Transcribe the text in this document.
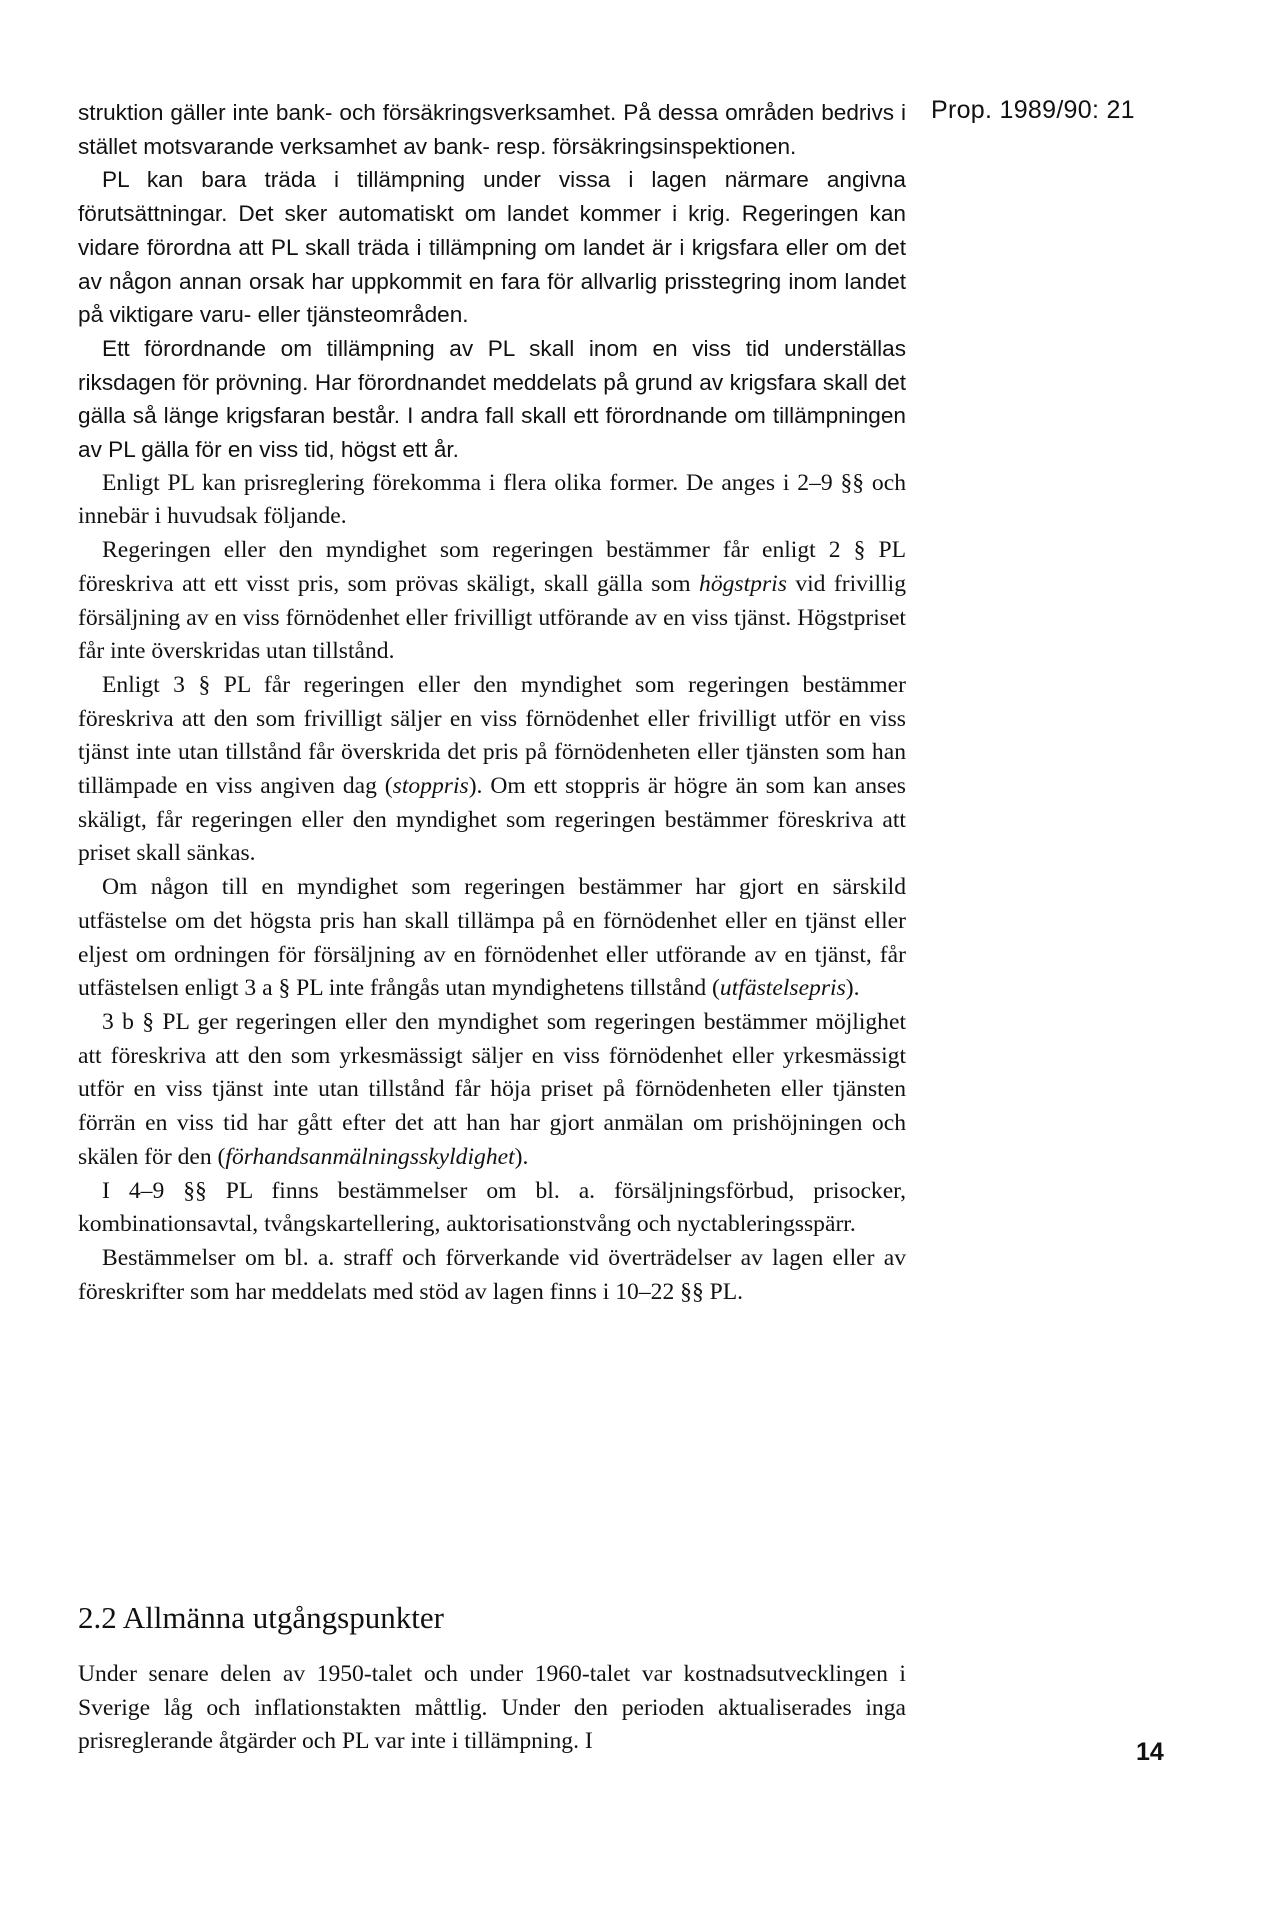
Prop. 1989/90: 21

struktion gäller inte bank- och försäkringsverksamhet. På dessa områden bedrivs i stället motsvarande verksamhet av bank- resp. försäkringsinspektionen.

PL kan bara träda i tillämpning under vissa i lagen närmare angivna förutsättningar. Det sker automatiskt om landet kommer i krig. Regeringen kan vidare förordna att PL skall träda i tillämpning om landet är i krigsfara eller om det av någon annan orsak har uppkommit en fara för allvarlig prisstegring inom landet på viktigare varu- eller tjänsteområden.

Ett förordnande om tillämpning av PL skall inom en viss tid underställas riksdagen för prövning. Har förordnandet meddelats på grund av krigsfara skall det gälla så länge krigsfaran består. I andra fall skall ett förordnande om tillämpningen av PL gälla för en viss tid, högst ett år.

Enligt PL kan prisreglering förekomma i flera olika former. De anges i 2–9 §§ och innebär i huvudsak följande.

Regeringen eller den myndighet som regeringen bestämmer får enligt 2 § PL föreskriva att ett visst pris, som prövas skäligt, skall gälla som högstpris vid frivillig försäljning av en viss förnödenhet eller frivilligt utförande av en viss tjänst. Högstpriset får inte överskridas utan tillstånd.

Enligt 3 § PL får regeringen eller den myndighet som regeringen bestämmer föreskriva att den som frivilligt säljer en viss förnödenhet eller frivilligt utför en viss tjänst inte utan tillstånd får överskrida det pris på förnödenheten eller tjänsten som han tillämpade en viss angiven dag (stoppris). Om ett stoppris är högre än som kan anses skäligt, får regeringen eller den myndighet som regeringen bestämmer föreskriva att priset skall sänkas.

Om någon till en myndighet som regeringen bestämmer har gjort en särskild utfästelse om det högsta pris han skall tillämpa på en förnödenhet eller en tjänst eller eljest om ordningen för försäljning av en förnödenhet eller utförande av en tjänst, får utfästelsen enligt 3 a § PL inte frångås utan myndighetens tillstånd (utfästelsepris).

3 b § PL ger regeringen eller den myndighet som regeringen bestämmer möjlighet att föreskriva att den som yrkesmässigt säljer en viss förnödenhet eller yrkesmässigt utför en viss tjänst inte utan tillstånd får höja priset på förnödenheten eller tjänsten förrän en viss tid har gått efter det att han har gjort anmälan om prishöjningen och skälen för den (förhandsanmälningsskyldighet).

I 4–9 §§ PL finns bestämmelser om bl. a. försäljningsförbud, prisocker, kombinationsavtal, tvångskartellering, auktorisationstvång och nyctableringsspärr.

Bestämmelser om bl. a. straff och förverkande vid överträdelser av lagen eller av föreskrifter som har meddelats med stöd av lagen finns i 10–22 §§ PL.

2.2 Allmänna utgångspunkter

Under senare delen av 1950-talet och under 1960-talet var kostnadsutvecklingen i Sverige låg och inflationstakten måttlig. Under den perioden aktualiserades inga prisreglerande åtgärder och PL var inte i tillämpning. I	14
